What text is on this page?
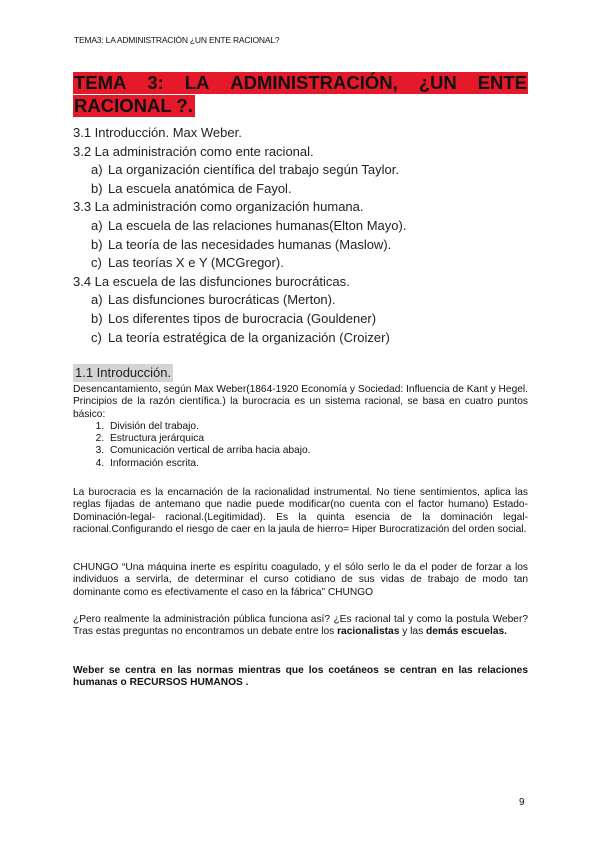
TEMA3: LA ADMINISTRACIÓN ¿UN ENTE RACIONAL?
TEMA 3: LA ADMINISTRACIÓN, ¿UN ENTE
RACIONAL ?.
3.1 Introducción. Max Weber.
3.2 La administración como ente racional.
a) La organización científica del trabajo según Taylor.
b) La escuela anatómica de Fayol.
3.3 La administración como organización humana.
a) La escuela de las relaciones humanas(Elton Mayo).
b) La teoría de las necesidades humanas (Maslow).
c) Las teorías X e Y (MCGregor).
3.4 La escuela de las disfunciones burocráticas.
a) Las disfunciones burocráticas (Merton).
b) Los diferentes tipos de burocracia (Gouldener)
c) La teoría estratégica de la organización (Croizer)
1.1 Introducción.
Desencantamiento, según Max Weber(1864-1920 Economía y Sociedad: Influencia de Kant y Hegel. Principios de la razón científica.) la burocracia es un sistema racional, se basa en cuatro puntos básico:
1. División del trabajo.
2. Estructura jerárquica
3. Comunicación vertical de arriba hacia abajo.
4. Información escrita.
La burocracia es la encarnación de la racionalidad instrumental. No tiene sentimientos, aplica las reglas fijadas de antemano que nadie puede modificar(no cuenta con el factor humano) Estado-Dominación-legal- racional.(Legitimidad). Es la quinta esencia de la dominación legal-racional.Configurando el riesgo de caer en la jaula de hierro= Hiper Burocratización del orden social.
CHUNGO “Una máquina inerte es espíritu coagulado, y el sólo serlo le da el poder de forzar a los individuos a servirla, de determinar el curso cotidiano de sus vidas de trabajo de modo tan dominante como es efectivamente el caso en la fábrica” CHUNGO
¿Pero realmente la administración pública funciona así? ¿Es racional tal y como la postula Weber? Tras estas preguntas no encontramos un debate entre los racionalistas y las demás escuelas.
Weber se centra en las normas mientras que los coetáneos se centran en las relaciones humanas o RECURSOS HUMANOS .
9
